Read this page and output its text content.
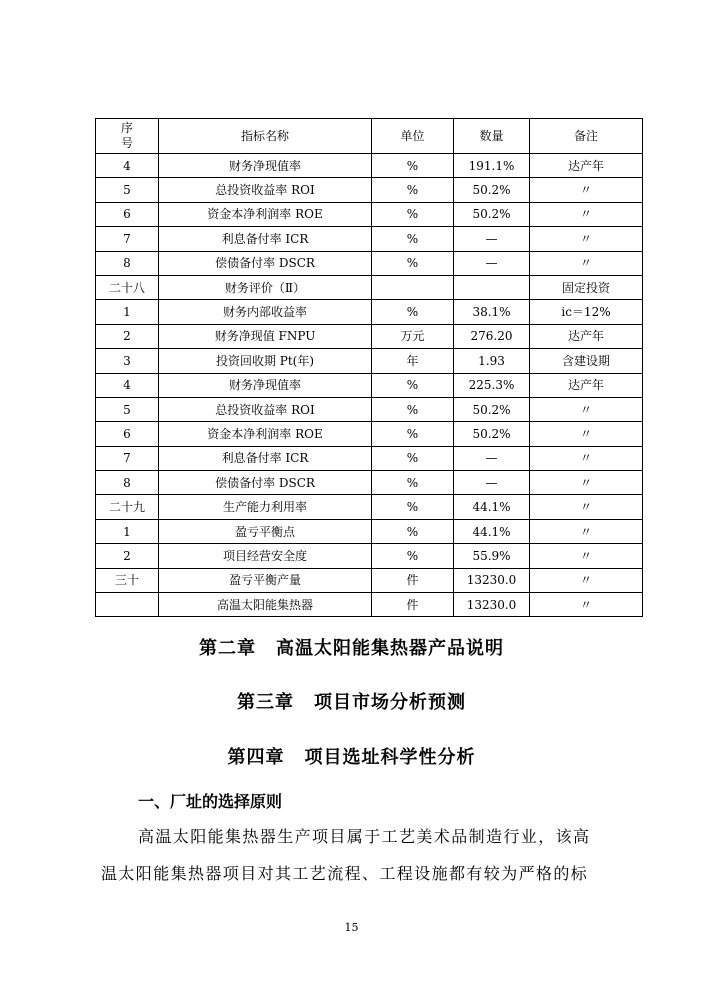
序号	指标名称	单位	数量	备注
4	财务净现值率	%	191.1%	达产年
5	总投资收益率 ROI	%	50.2%	〃
6	资金本净利润率 ROE	%	50.2%	〃
7	利息备付率 ICR	%	—	〃
8	偿债备付率 DSCR	%	—	〃
二十八	财务评价（Ⅱ）			固定投资
1	财务内部收益率	%	38.1%	ic＝12%
2	财务净现值 FNPU	万元	276.20	达产年
3	投资回收期 Pt(年)	年	1.93	含建设期
4	财务净现值率	%	225.3%	达产年
5	总投资收益率 ROI	%	50.2%	〃
6	资金本净利润率 ROE	%	50.2%	〃
7	利息备付率 ICR	%	—	〃
8	偿债备付率 DSCR	%	—	〃
二十九	生产能力利用率	%	44.1%	〃
1	盈亏平衡点	%	44.1%	〃
2	项目经营安全度	%	55.9%	〃
三十	盈亏平衡产量	件	13230.0	〃
	高温太阳能集热器	件	13230.0	〃
第二章 高温太阳能集热器产品说明
第三章 项目市场分析预测
第四章 项目选址科学性分析
一、厂址的选择原则
高温太阳能集热器生产项目属于工艺美术品制造行业，该高
温太阳能集热器项目对其工艺流程、工程设施都有较为严格的标
15
